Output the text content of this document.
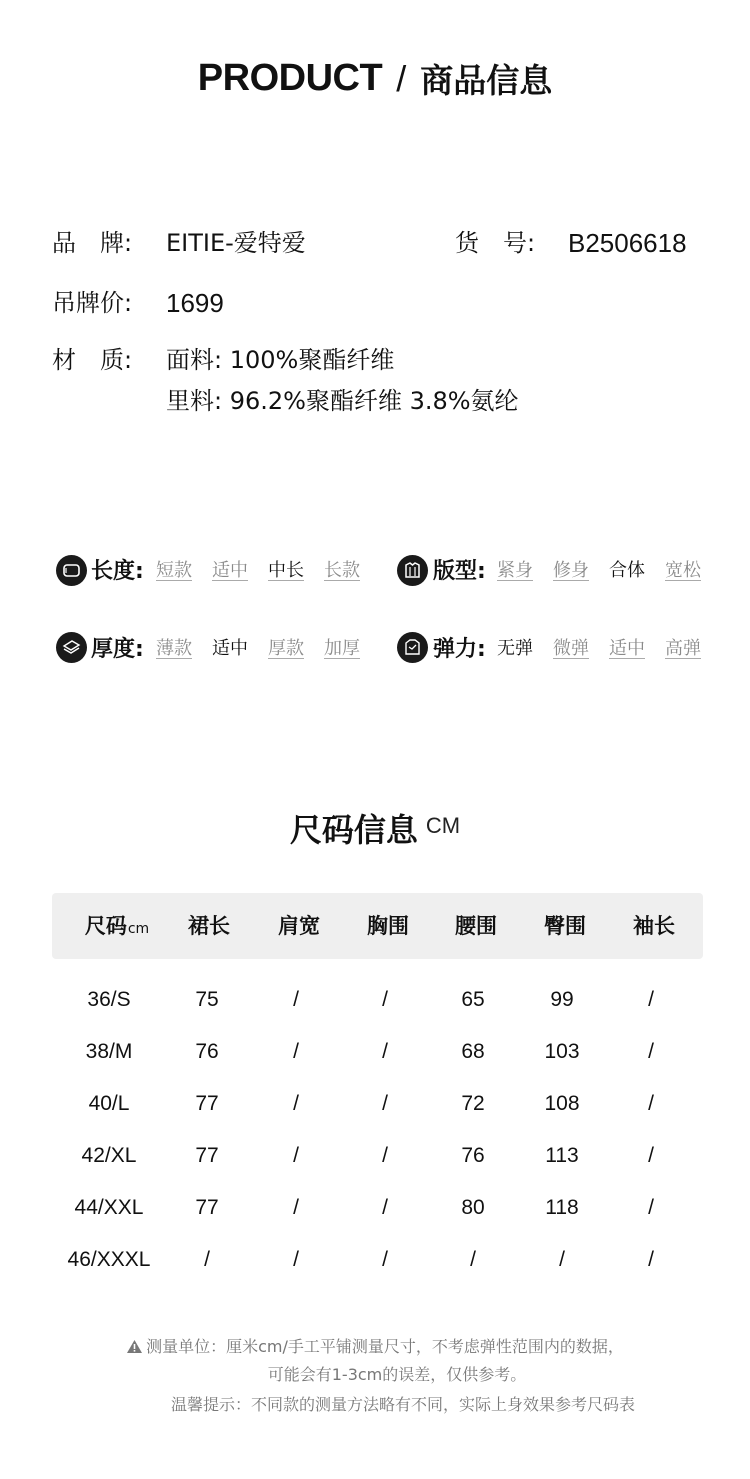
PRODUCT / 商品信息
品　牌: EITIE-爱特爱	货　号: B2506618
吊牌价: 1699
材　质: 面料: 100%聚酯纤维
里料: 96.2%聚酯纤维 3.8%氨纶
长度: 短款 适中 中长 长款	版型: 紧身 修身 合体 宽松
厚度: 薄款 适中 厚款 加厚	弹力: 无弹 微弹 适中 高弹
尺码信息 CM
尺码cm	裙长	肩宽	胸围	腰围	臀围	袖长
36/S	75	/	/	65	99	/
38/M	76	/	/	68	103	/
40/L	77	/	/	72	108	/
42/XL	77	/	/	76	113	/
44/XXL	77	/	/	80	118	/
46/XXXL	/	/	/	/	/	/
测量单位：厘米cm/手工平铺测量尺寸，不考虑弹性范围内的数据，
可能会有1-3cm的误差，仅供参考。
温馨提示：不同款的测量方法略有不同，实际上身效果参考尺码表
